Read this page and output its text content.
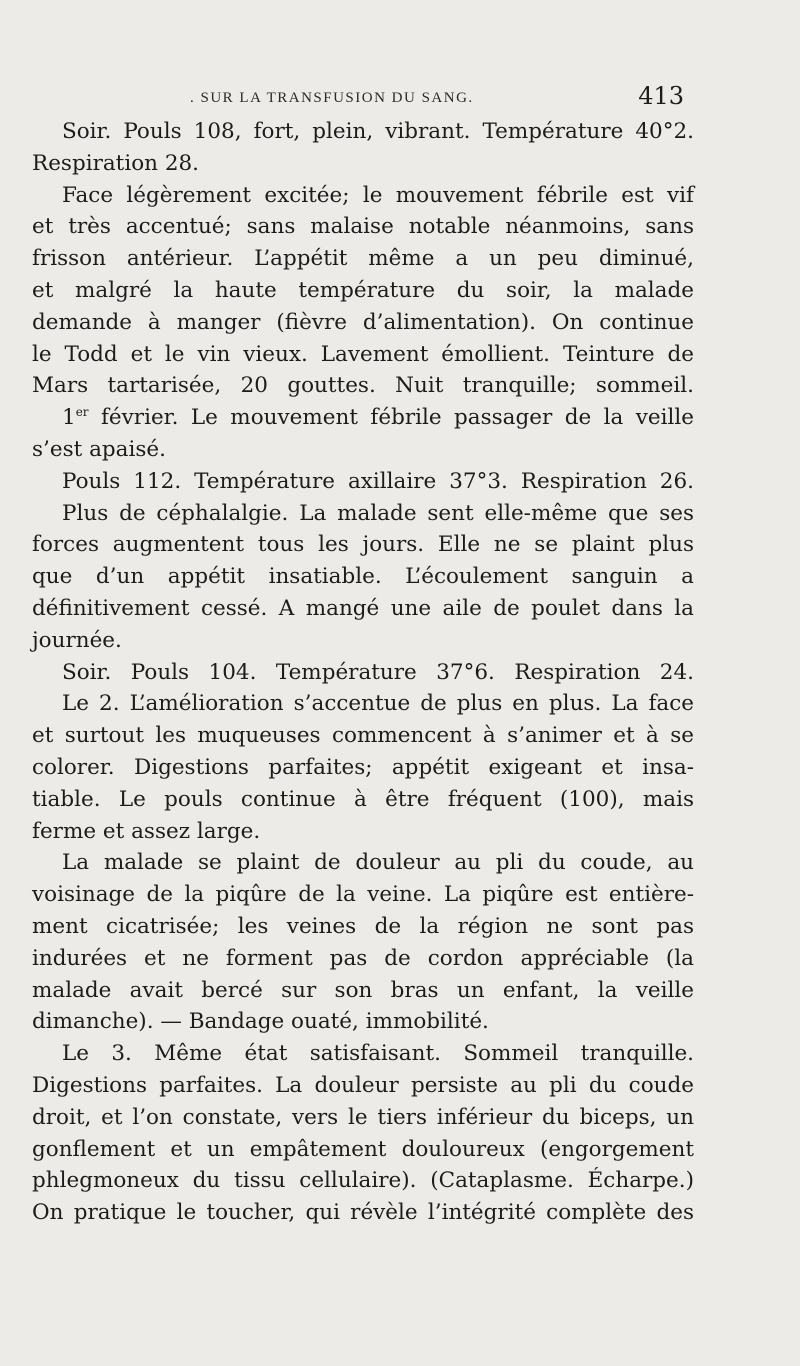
. SUR LA TRANSFUSION DU SANG.	413
Soir. Pouls 108, fort, plein, vibrant. Température 40°2.
Respiration 28.
Face légèrement excitée; le mouvement fébrile est vif
et très accentué; sans malaise notable néanmoins, sans
frisson antérieur. L’appétit même a un peu diminué,
et malgré la haute température du soir, la malade
demande à manger (fièvre d’alimentation). On continue
le Todd et le vin vieux. Lavement émollient. Teinture de
Mars tartarisée, 20 gouttes. Nuit tranquille; sommeil.
1er février. Le mouvement fébrile passager de la veille
s’est apaisé.
Pouls 112. Température axillaire 37°3. Respiration 26.
Plus de céphalalgie. La malade sent elle-même que ses
forces augmentent tous les jours. Elle ne se plaint plus
que d’un appétit insatiable. L’écoulement sanguin a
définitivement cessé. A mangé une aile de poulet dans la
journée.
Soir. Pouls 104. Température 37°6. Respiration 24.
Le 2. L’amélioration s’accentue de plus en plus. La face
et surtout les muqueuses commencent à s’animer et à se
colorer. Digestions parfaites; appétit exigeant et insa-
tiable. Le pouls continue à être fréquent (100), mais
ferme et assez large.
La malade se plaint de douleur au pli du coude, au
voisinage de la piqûre de la veine. La piqûre est entière-
ment cicatrisée; les veines de la région ne sont pas
indurées et ne forment pas de cordon appréciable (la
malade avait bercé sur son bras un enfant, la veille
dimanche). — Bandage ouaté, immobilité.
Le 3. Même état satisfaisant. Sommeil tranquille.
Digestions parfaites. La douleur persiste au pli du coude
droit, et l’on constate, vers le tiers inférieur du biceps, un
gonflement et un empâtement douloureux (engorgement
phlegmoneux du tissu cellulaire). (Cataplasme. Écharpe.)
On pratique le toucher, qui révèle l’intégrité complète des
